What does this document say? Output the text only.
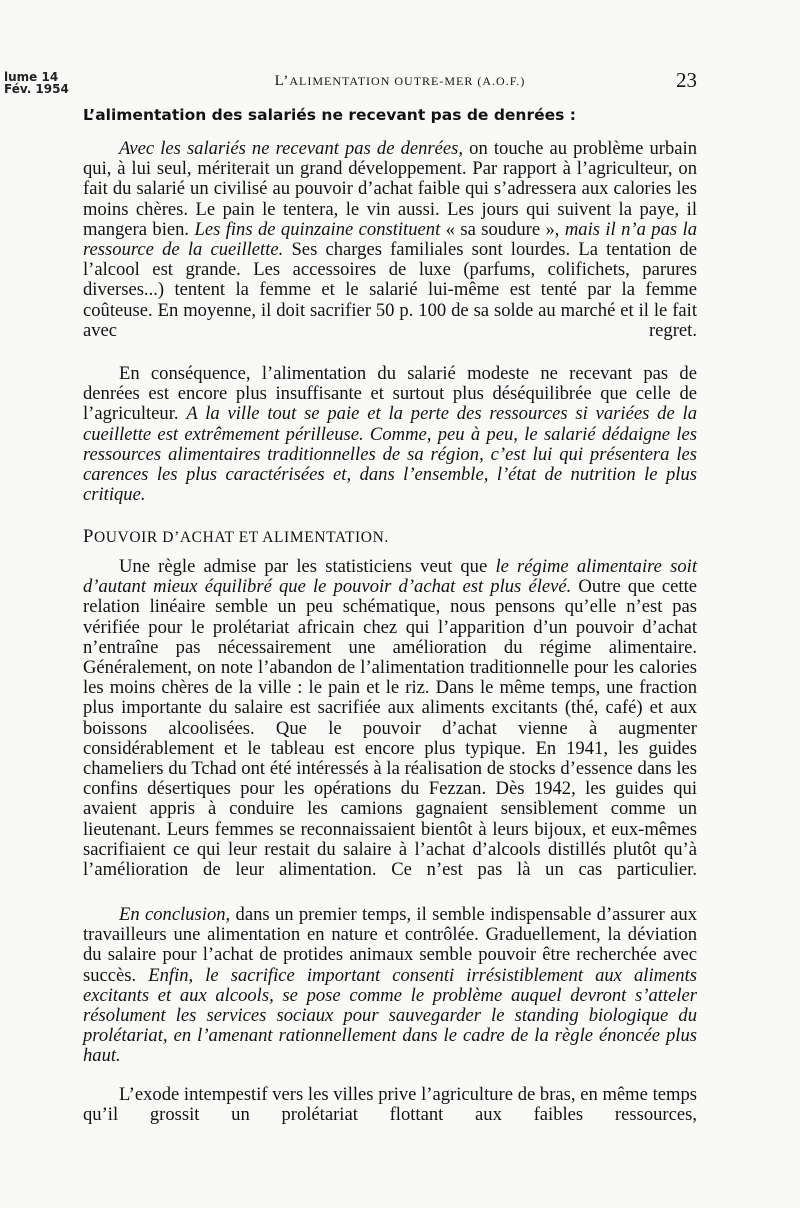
lume 14
Fév. 1954	L’ALIMENTATION OUTRE-MER (A.O.F.)	23
L’alimentation des salariés ne recevant pas de denrées :

Avec les salariés ne recevant pas de denrées, on touche au problème urbain qui, à lui seul, mériterait un grand développement. Par rapport à l’agriculteur, on fait du salarié un civilisé au pouvoir d’achat faible qui s’adressera aux calories les moins chères. Le pain le tentera, le vin aussi. Les jours qui suivent la paye, il mangera bien. Les fins de quinzaine constituent « sa soudure », mais il n’a pas la ressource de la cueillette. Ses charges familiales sont lourdes. La tentation de l’alcool est grande. Les accessoires de luxe (parfums, colifichets, parures diverses...) tentent la femme et le salarié lui-même est tenté par la femme coûteuse. En moyenne, il doit sacrifier 50 p. 100 de sa solde au marché et il le fait avec regret.

En conséquence, l’alimentation du salarié modeste ne recevant pas de denrées est encore plus insuffisante et surtout plus déséquilibrée que celle de l’agriculteur. A la ville tout se paie et la perte des ressources si variées de la cueillette est extrêmement périlleuse. Comme, peu à peu, le salarié dédaigne les ressources alimentaires traditionnelles de sa région, c’est lui qui présentera les carences les plus caractérisées et, dans l’ensemble, l’état de nutrition le plus critique.

POUVOIR D’ACHAT ET ALIMENTATION.

Une règle admise par les statisticiens veut que le régime alimentaire soit d’autant mieux équilibré que le pouvoir d’achat est plus élevé. Outre que cette relation linéaire semble un peu schématique, nous pensons qu’elle n’est pas vérifiée pour le prolétariat africain chez qui l’apparition d’un pouvoir d’achat n’entraîne pas nécessairement une amélioration du régime alimentaire. Généralement, on note l’abandon de l’alimentation traditionnelle pour les calories les moins chères de la ville : le pain et le riz. Dans le même temps, une fraction plus importante du salaire est sacrifiée aux aliments excitants (thé, café) et aux boissons alcoolisées. Que le pouvoir d’achat vienne à augmenter considérablement et le tableau est encore plus typique. En 1941, les guides chameliers du Tchad ont été intéressés à la réalisation de stocks d’essence dans les confins désertiques pour les opérations du Fezzan. Dès 1942, les guides qui avaient appris à conduire les camions gagnaient sensiblement comme un lieutenant. Leurs femmes se reconnaissaient bientôt à leurs bijoux, et eux-mêmes sacrifiaient ce qui leur restait du salaire à l’achat d’alcools distillés plutôt qu’à l’amélioration de leur alimentation. Ce n’est pas là un cas particulier.

En conclusion, dans un premier temps, il semble indispensable d’assurer aux travailleurs une alimentation en nature et contrôlée. Graduellement, la déviation du salaire pour l’achat de protides animaux semble pouvoir être recherchée avec succès. Enfin, le sacrifice important consenti irrésistiblement aux aliments excitants et aux alcools, se pose comme le problème auquel devront s’atteler résolument les services sociaux pour sauvegarder le standing biologique du prolétariat, en l’amenant rationnellement dans le cadre de la règle énoncée plus haut.

L’exode intempestif vers les villes prive l’agriculture de bras, en même temps qu’il grossit un prolétariat flottant aux faibles ressources,
